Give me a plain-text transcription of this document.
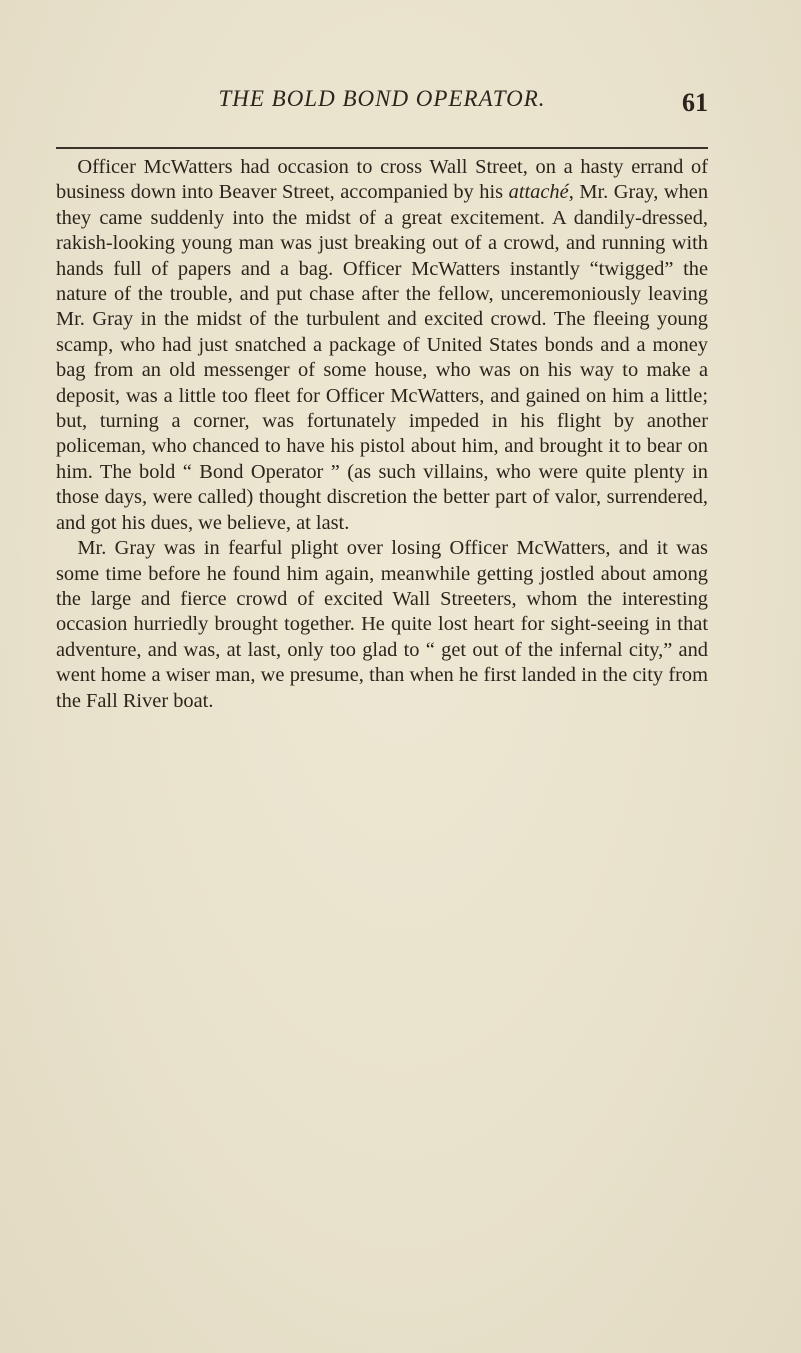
THE BOLD BOND OPERATOR.	61

Officer McWatters had occasion to cross Wall Street, on a hasty errand of business down into Beaver Street, accompanied by his attaché, Mr. Gray, when they came suddenly into the midst of a great excitement. A dandily-dressed, rakish-looking young man was just breaking out of a crowd, and running with hands full of papers and a bag. Officer McWatters instantly “twigged” the nature of the trouble, and put chase after the fellow, unceremoniously leaving Mr. Gray in the midst of the turbulent and excited crowd. The fleeing young scamp, who had just snatched a package of United States bonds and a money bag from an old messenger of some house, who was on his way to make a deposit, was a little too fleet for Officer McWatters, and gained on him a little; but, turning a corner, was fortunately impeded in his flight by another policeman, who chanced to have his pistol about him, and brought it to bear on him. The bold “ Bond Operator ” (as such villains, who were quite plenty in those days, were called) thought discretion the better part of valor, surrendered, and got his dues, we believe, at last.

Mr. Gray was in fearful plight over losing Officer McWatters, and it was some time before he found him again, meanwhile getting jostled about among the large and fierce crowd of excited Wall Streeters, whom the interesting occasion hurriedly brought together. He quite lost heart for sight-seeing in that adventure, and was, at last, only too glad to “ get out of the infernal city,” and went home a wiser man, we presume, than when he first landed in the city from the Fall River boat.
